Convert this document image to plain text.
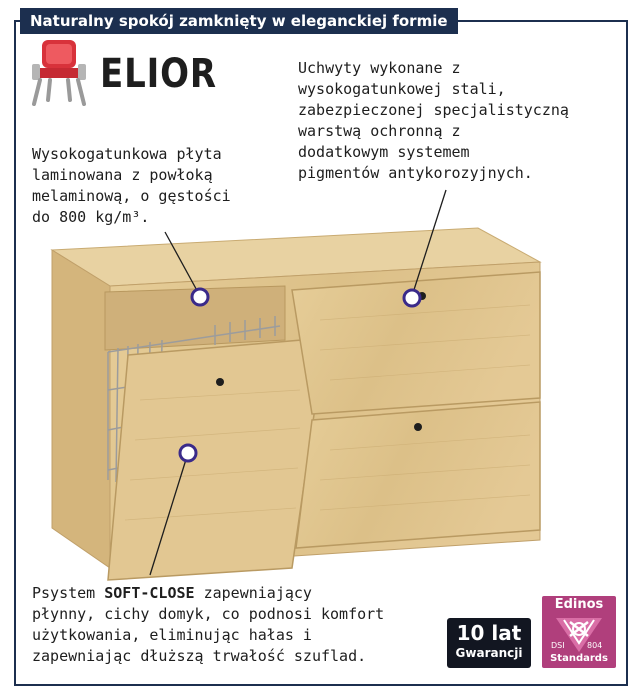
Naturalny spokój zamknięty w eleganckiej formie
ELIOR
Wysokogatunkowa płyta
laminowana z powłoką
melaminową, o gęstości
do 800 kg/m³.
Uchwyty wykonane z
wysokogatunkowej stali,
zabezpieczonej specjalistyczną
warstwą ochronną z
dodatkowym systemem
pigmentów antykorozyjnych.
Psystem SOFT-CLOSE zapewniający
płynny, cichy domyk, co podnosi komfort
użytkowania, eliminując hałas i
zapewniając dłuższą trwałość szuflad.
10 lat
Gwarancji
Edinos
DSI	804
Standards
